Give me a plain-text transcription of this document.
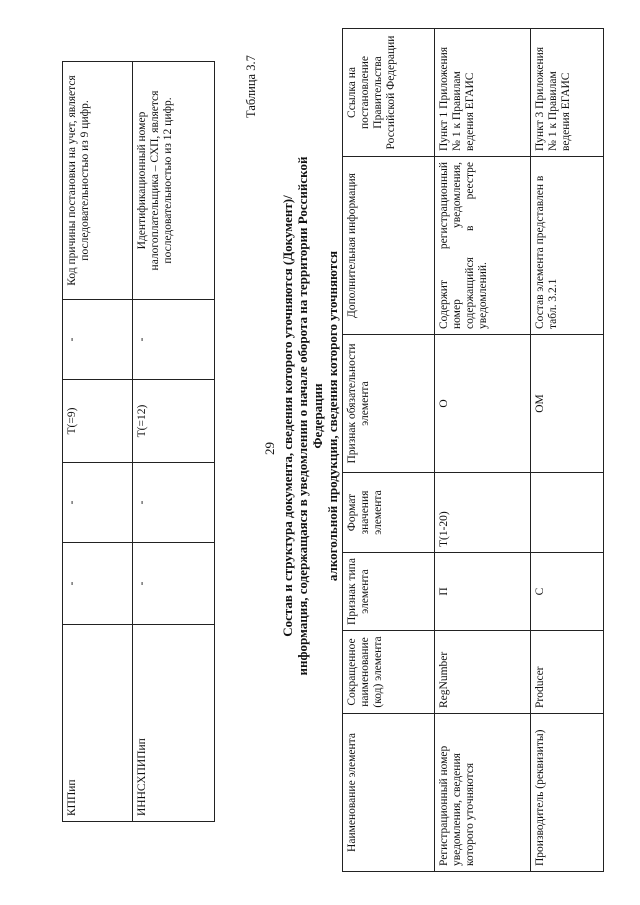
29
КППип	-	-	T(=9)	-	Код причины постановки на учет, является последовательностью из 9 цифр.
ИННСХПИПип	-	-	T(=12)	-	Идентификационный номер налогоплательщика – СХП, является последовательностью из 12 цифр.
Таблица 3.7
Состав и структура документа, сведения которого уточняются (Документ)/ информация, содержащаяся в уведомлении о начале оборота на территории Российской Федерации алкогольной продукции, сведения которого уточняются
Наименование элемента	Сокращенное наименование (код) элемента	Признак типа элемента	Формат значения элемента	Признак обязательности элемента	Дополнительная информация	Ссылка на постановление Правительства Российской Федерации
Регистрационный номер уведомления, сведения которого уточняются	RegNumber	П	T(1-20)	О	Содержит регистрационный номер уведомления, содержащийся в реестре уведомлений.	Пункт 1 Приложения № 1 к Правилам ведения ЕГАИС
Производитель (реквизиты)	Producer	С		ОМ	Состав элемента представлен в табл. 3.2.1	Пункт 3 Приложения № 1 к Правилам ведения ЕГАИС
